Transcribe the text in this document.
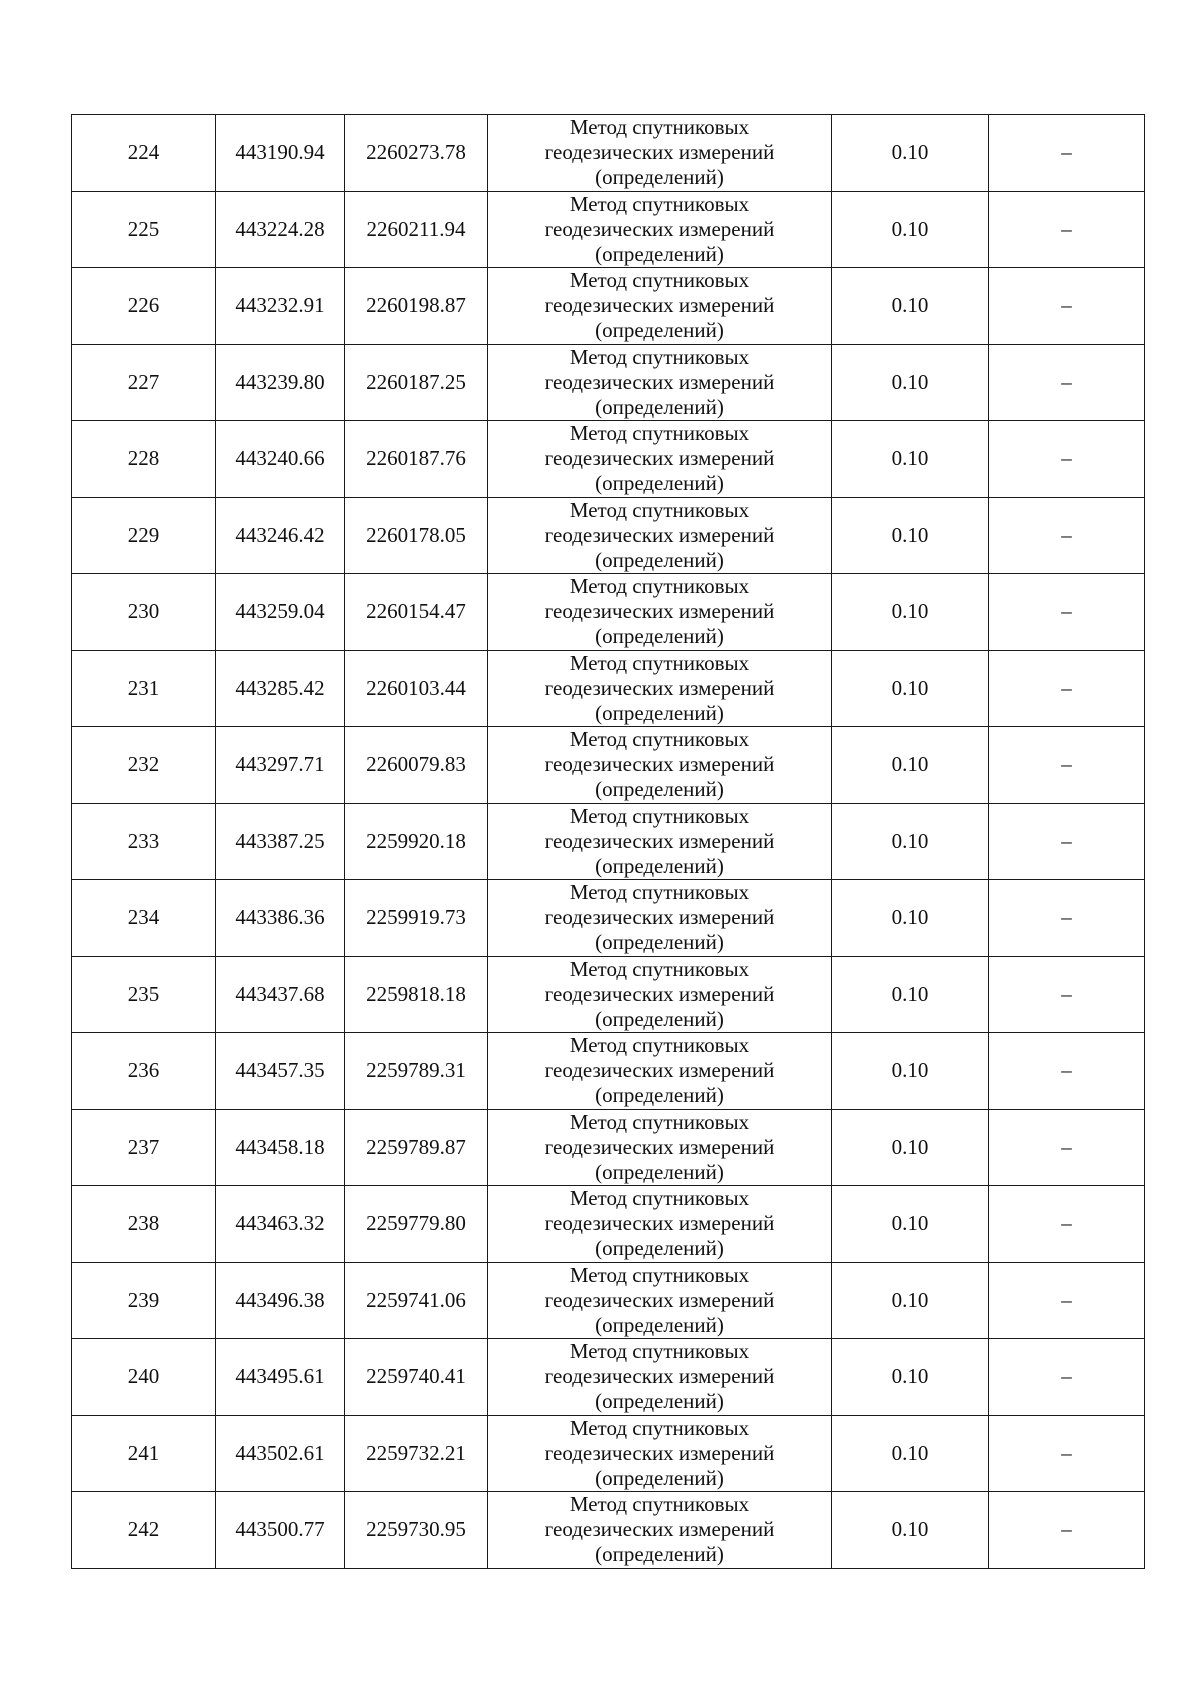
224	443190.94	2260273.78	Метод спутниковых
геодезических измерений
(определений)	0.10	–
225	443224.28	2260211.94	Метод спутниковых
геодезических измерений
(определений)	0.10	–
226	443232.91	2260198.87	Метод спутниковых
геодезических измерений
(определений)	0.10	–
227	443239.80	2260187.25	Метод спутниковых
геодезических измерений
(определений)	0.10	–
228	443240.66	2260187.76	Метод спутниковых
геодезических измерений
(определений)	0.10	–
229	443246.42	2260178.05	Метод спутниковых
геодезических измерений
(определений)	0.10	–
230	443259.04	2260154.47	Метод спутниковых
геодезических измерений
(определений)	0.10	–
231	443285.42	2260103.44	Метод спутниковых
геодезических измерений
(определений)	0.10	–
232	443297.71	2260079.83	Метод спутниковых
геодезических измерений
(определений)	0.10	–
233	443387.25	2259920.18	Метод спутниковых
геодезических измерений
(определений)	0.10	–
234	443386.36	2259919.73	Метод спутниковых
геодезических измерений
(определений)	0.10	–
235	443437.68	2259818.18	Метод спутниковых
геодезических измерений
(определений)	0.10	–
236	443457.35	2259789.31	Метод спутниковых
геодезических измерений
(определений)	0.10	–
237	443458.18	2259789.87	Метод спутниковых
геодезических измерений
(определений)	0.10	–
238	443463.32	2259779.80	Метод спутниковых
геодезических измерений
(определений)	0.10	–
239	443496.38	2259741.06	Метод спутниковых
геодезических измерений
(определений)	0.10	–
240	443495.61	2259740.41	Метод спутниковых
геодезических измерений
(определений)	0.10	–
241	443502.61	2259732.21	Метод спутниковых
геодезических измерений
(определений)	0.10	–
242	443500.77	2259730.95	Метод спутниковых
геодезических измерений
(определений)	0.10	–
